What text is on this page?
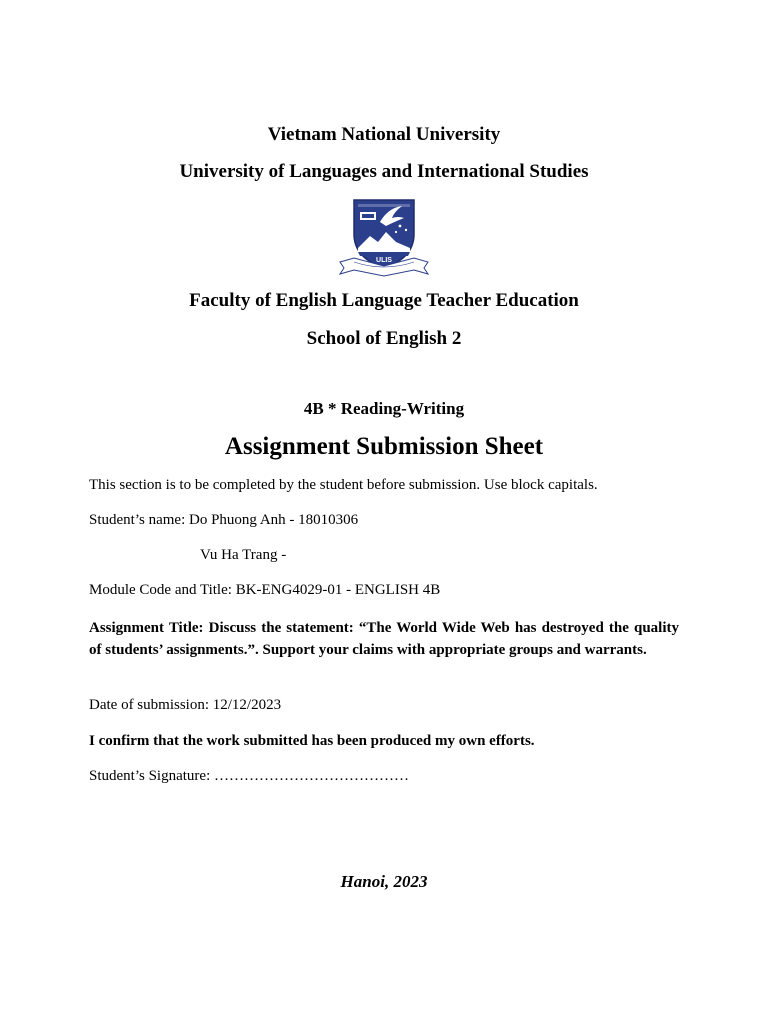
Vietnam National University
University of Languages and International Studies
ULIS
Faculty of English Language Teacher Education
School of English 2
4B * Reading-Writing
Assignment Submission Sheet
This section is to be completed by the student before submission. Use block capitals.
Student’s name: Do Phuong Anh - 18010306
Vu Ha Trang -
Module Code and Title: BK-ENG4029-01 - ENGLISH 4B
Assignment Title: Discuss the statement: “The World Wide Web has destroyed the quality of students’ assignments.”. Support your claims with appropriate groups and warrants.
Date of submission: 12/12/2023
I confirm that the work submitted has been produced my own efforts.
Student’s Signature: …………………………………
Hanoi, 2023
